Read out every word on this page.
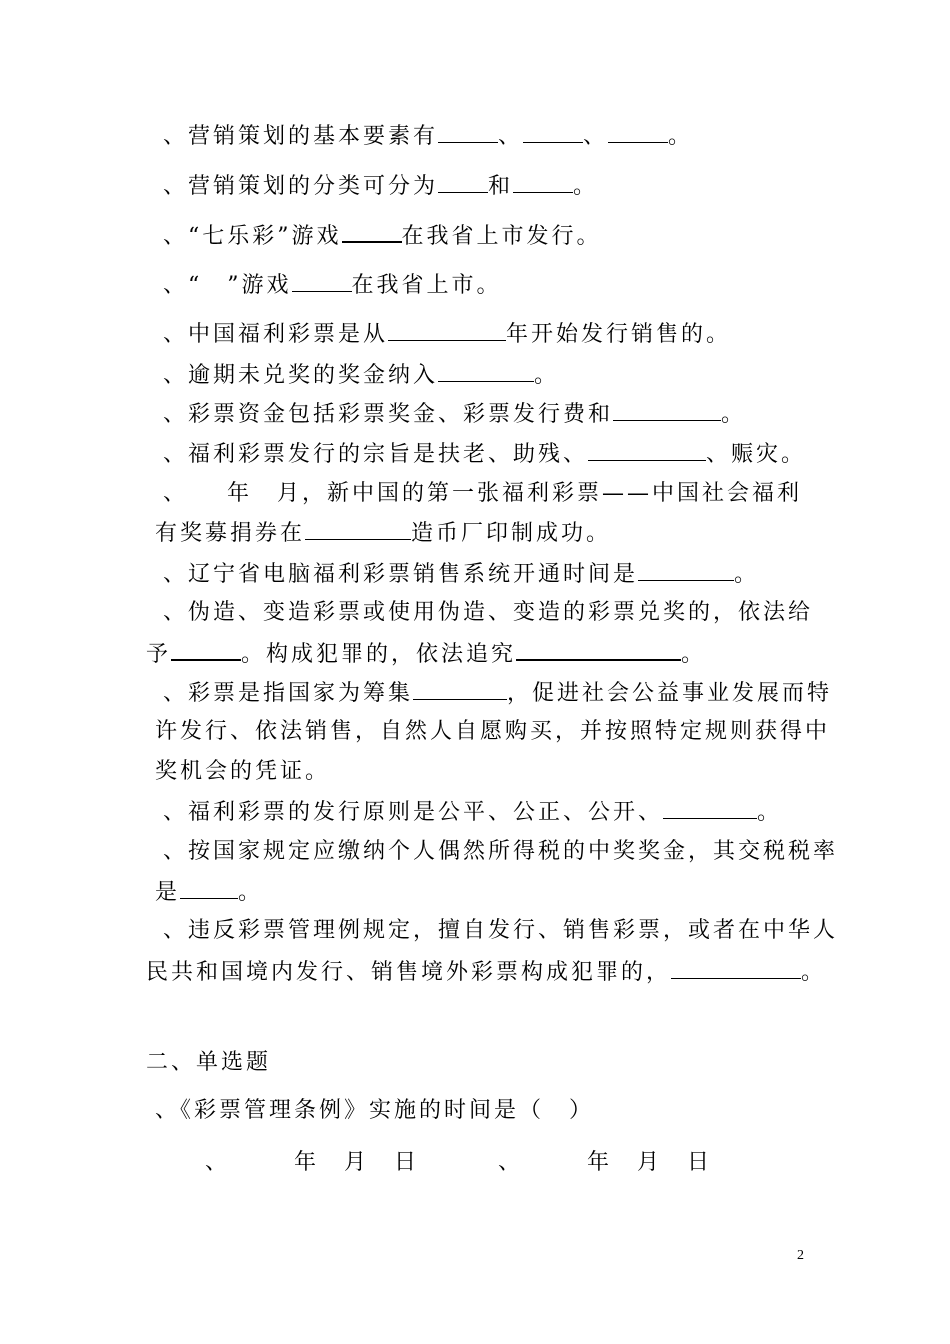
、营销策划的基本要素有	、	、	。
、营销策划的分类可分为 和	。
、“七乐彩”游戏	在我省上市发行。
、“　”游戏	在我省上市。
、中国福利彩票是从	年开始发行销售的。
、逾期未兑奖的奖金纳入	。
、彩票资金包括彩票奖金、彩票发行费和	。
、福利彩票发行的宗旨是扶老、助残、	、赈灾。
、　　年　月，新中国的第一张福利彩票——中国社会福利
有奖募捐券在	造币厂印制成功。
、辽宁省电脑福利彩票销售系统开通时间是	。
、伪造、变造彩票或使用伪造、变造的彩票兑奖的，依法给
予	。构成犯罪的，依法追究	。
、彩票是指国家为筹集	，促进社会公益事业发展而特
许发行、依法销售，自然人自愿购买，并按照特定规则获得中
奖机会的凭证。
、福利彩票的发行原则是公平、公正、公开、	。
、按国家规定应缴纳个人偶然所得税的中奖奖金，其交税税率
是	。
、违反彩票管理例规定，擅自发行、销售彩票，或者在中华人
民共和国境内发行、销售境外彩票构成犯罪的，	。
二、单选题
、《彩票管理条例》实施的时间是（　）
、　　　年　月　日	、　　　年　月　日
2
